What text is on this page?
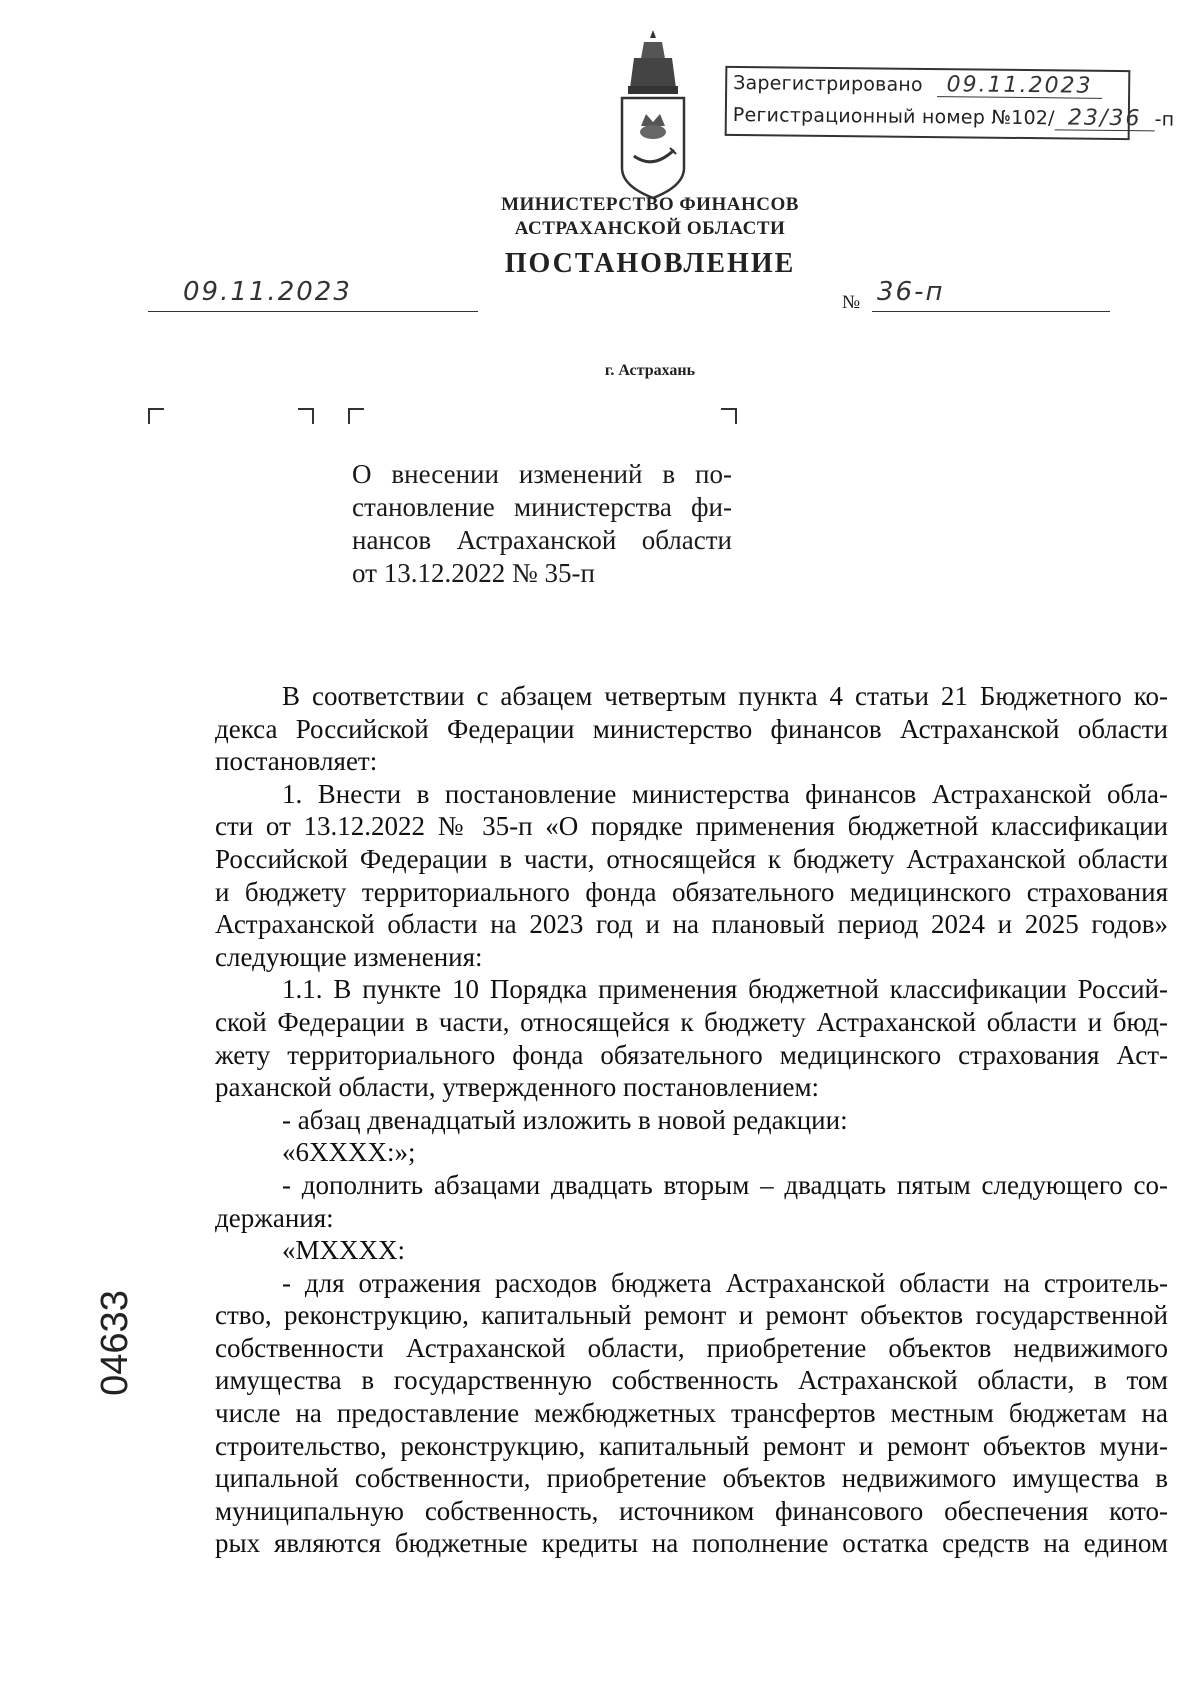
Зарегистрировано 09.11.2023
Регистрационный номер №102/ 23/36 -п
МИНИСТЕРСТВО ФИНАНСОВ
АСТРАХАНСКОЙ ОБЛАСТИ
ПОСТАНОВЛЕНИЕ
09.11.2023	№ 36-п
г. Астрахань
О внесении изменений в по-
становление министерства фи-
нансов Астраханской области
от 13.12.2022 № 35-п
В соответствии с абзацем четвертым пункта 4 статьи 21 Бюджетного ко-
декса Российской Федерации министерство финансов Астраханской области
постановляет:
1. Внести в постановление министерства финансов Астраханской обла-
сти от 13.12.2022 № 35-п «О порядке применения бюджетной классификации
Российской Федерации в части, относящейся к бюджету Астраханской области
и бюджету территориального фонда обязательного медицинского страхования
Астраханской области на 2023 год и на плановый период 2024 и 2025 годов»
следующие изменения:
1.1. В пункте 10 Порядка применения бюджетной классификации Россий-
ской Федерации в части, относящейся к бюджету Астраханской области и бюд-
жету территориального фонда обязательного медицинского страхования Аст-
раханской области, утвержденного постановлением:
- абзац двенадцатый изложить в новой редакции:
«6ХХХХ:»;
- дополнить абзацами двадцать вторым – двадцать пятым следующего со-
держания:
«МХХХХ:
- для отражения расходов бюджета Астраханской области на строитель-
ство, реконструкцию, капитальный ремонт и ремонт объектов государственной
собственности Астраханской области, приобретение объектов недвижимого
имущества в государственную собственность Астраханской области, в том
числе на предоставление межбюджетных трансфертов местным бюджетам на
строительство, реконструкцию, капитальный ремонт и ремонт объектов муни-
ципальной собственности, приобретение объектов недвижимого имущества в
муниципальную собственность, источником финансового обеспечения кото-
рых являются бюджетные кредиты на пополнение остатка средств на едином
04633
